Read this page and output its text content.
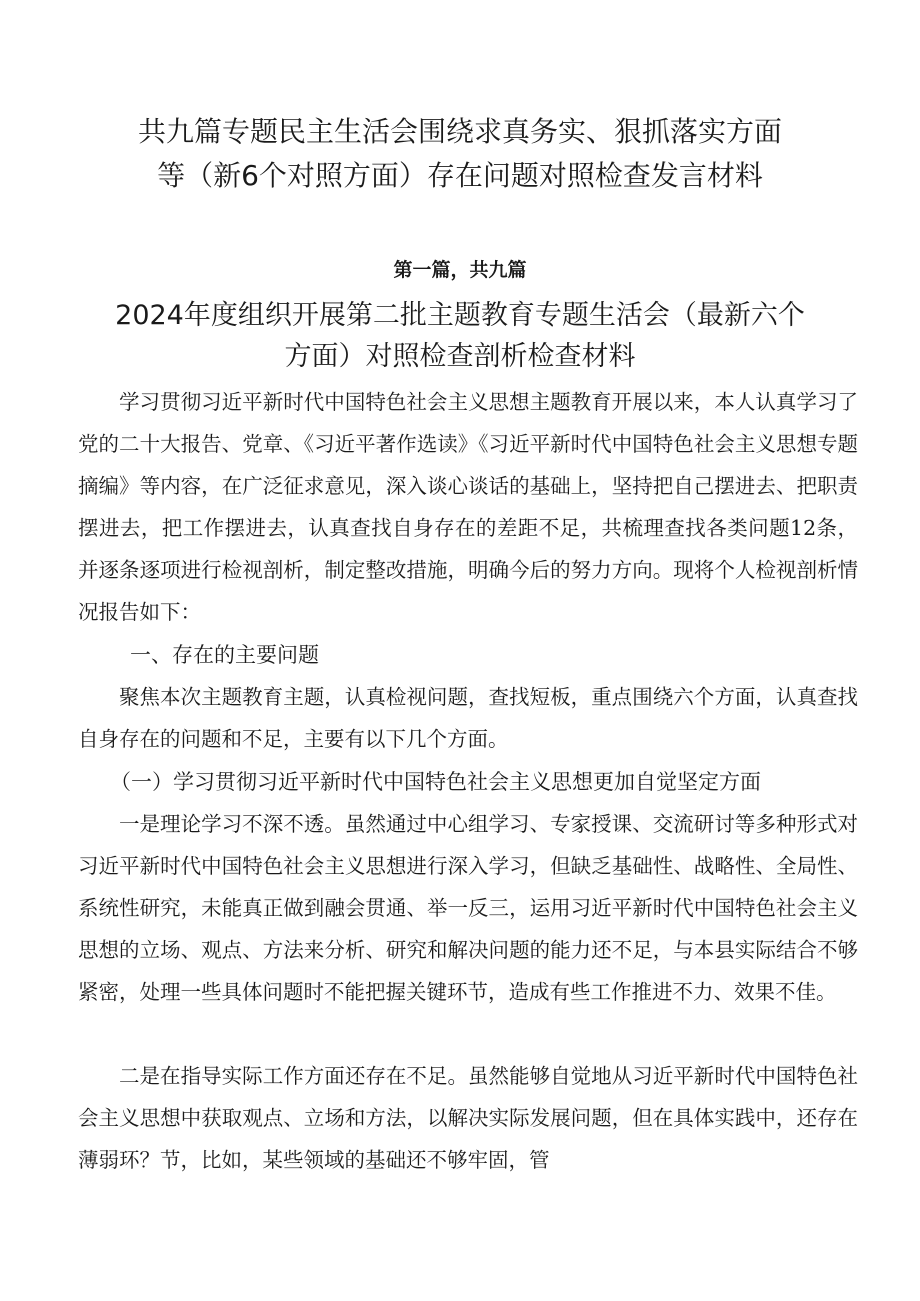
共九篇专题民主生活会围绕求真务实、狠抓落实方面
等（新6个对照方面）存在问题对照检查发言材料
第一篇，共九篇
2024年度组织开展第二批主题教育专题生活会（最新六个
方面）对照检查剖析检查材料

学习贯彻习近平新时代中国特色社会主义思想主题教育开展以来，本人认真学习了党的二十大报告、党章、《习近平著作选读》《习近平新时代中国特色社会主义思想专题摘编》等内容，在广泛征求意见，深入谈心谈话的基础上，坚持把自己摆进去、把职责摆进去，把工作摆进去，认真查找自身存在的差距不足，共梳理查找各类问题12条，并逐条逐项进行检视剖析，制定整改措施，明确今后的努力方向。现将个人检视剖析情况报告如下：

一、存在的主要问题

聚焦本次主题教育主题，认真检视问题，查找短板，重点围绕六个方面，认真查找自身存在的问题和不足，主要有以下几个方面。

（一）学习贯彻习近平新时代中国特色社会主义思想更加自觉坚定方面

一是理论学习不深不透。虽然通过中心组学习、专家授课、交流研讨等多种形式对习近平新时代中国特色社会主义思想进行深入学习，但缺乏基础性、战略性、全局性、系统性研究，未能真正做到融会贯通、举一反三，运用习近平新时代中国特色社会主义思想的立场、观点、方法来分析、研究和解决问题的能力还不足，与本县实际结合不够紧密，处理一些具体问题时不能把握关键环节，造成有些工作推进不力、效果不佳。

二是在指导实际工作方面还存在不足。虽然能够自觉地从习近平新时代中国特色社会主义思想中获取观点、立场和方法，以解决实际发展问题，但在具体实践中，还存在薄弱环？节，比如，某些领域的基础还不够牢固，管
